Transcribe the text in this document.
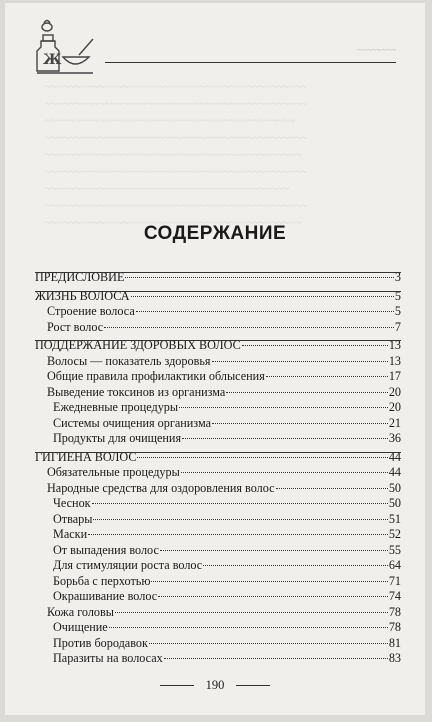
Ж
~~~~~~~~
~~~~~~~~~~~~~~~~~~~~~~~~~~~~~~~~~~~~~~~~~~~~
~~~~~~~~~~~~~~~~~~~~~~~~~~~~~~~~~~~~~~~~~~~~
~~~~~~~~~~~~~~~~~~~~~~~~~~~~~~~~~~~~~~~~~~
~~~~~~~~~~~~~~~~~~~~~~~~~~~~~~~~~~~~~~~~~~~~
~~~~~~~~~~~~~~~~~~~~~~~~~~~~~~~~~~~~~~~~~~~
~~~~~~~~~~~~~~~~~~~~~~~~~~~~~~~~~~~~~~~~~~~~
~~~~~~~~~~~~~~~~~~~~~~~~~~~~~~~~~~~~~~~~~
~~~~~~~~~~~~~~~~~~~~~~~~~~~~~~~~~~~~~~~~~~~~
~~~~~~~~~~~~~~~~~~~~~~~~~~~~~~~~~~~~~~~~~~~
СОДЕРЖАНИЕ
ПРЕДИСЛОВИЕ	3
ЖИЗНЬ ВОЛОСА	5
Строение волоса	5
Рост волос	7
ПОДДЕРЖАНИЕ ЗДОРОВЫХ ВОЛОС	13
Волосы — показатель здоровья	13
Общие правила профилактики облысения	17
Выведение токсинов из организма	20
Ежедневные процедуры	20
Системы очищения организма	21
Продукты для очищения	36
ГИГИЕНА ВОЛОС	44
Обязательные процедуры	44
Народные средства для оздоровления волос	50
Чеснок	50
Отвары	51
Маски	52
От выпадения волос	55
Для стимуляции роста волос	64
Борьба с перхотью	71
Окрашивание волос	74
Кожа головы	78
Очищение	78
Против бородавок	81
Паразиты на волосах	83
190
